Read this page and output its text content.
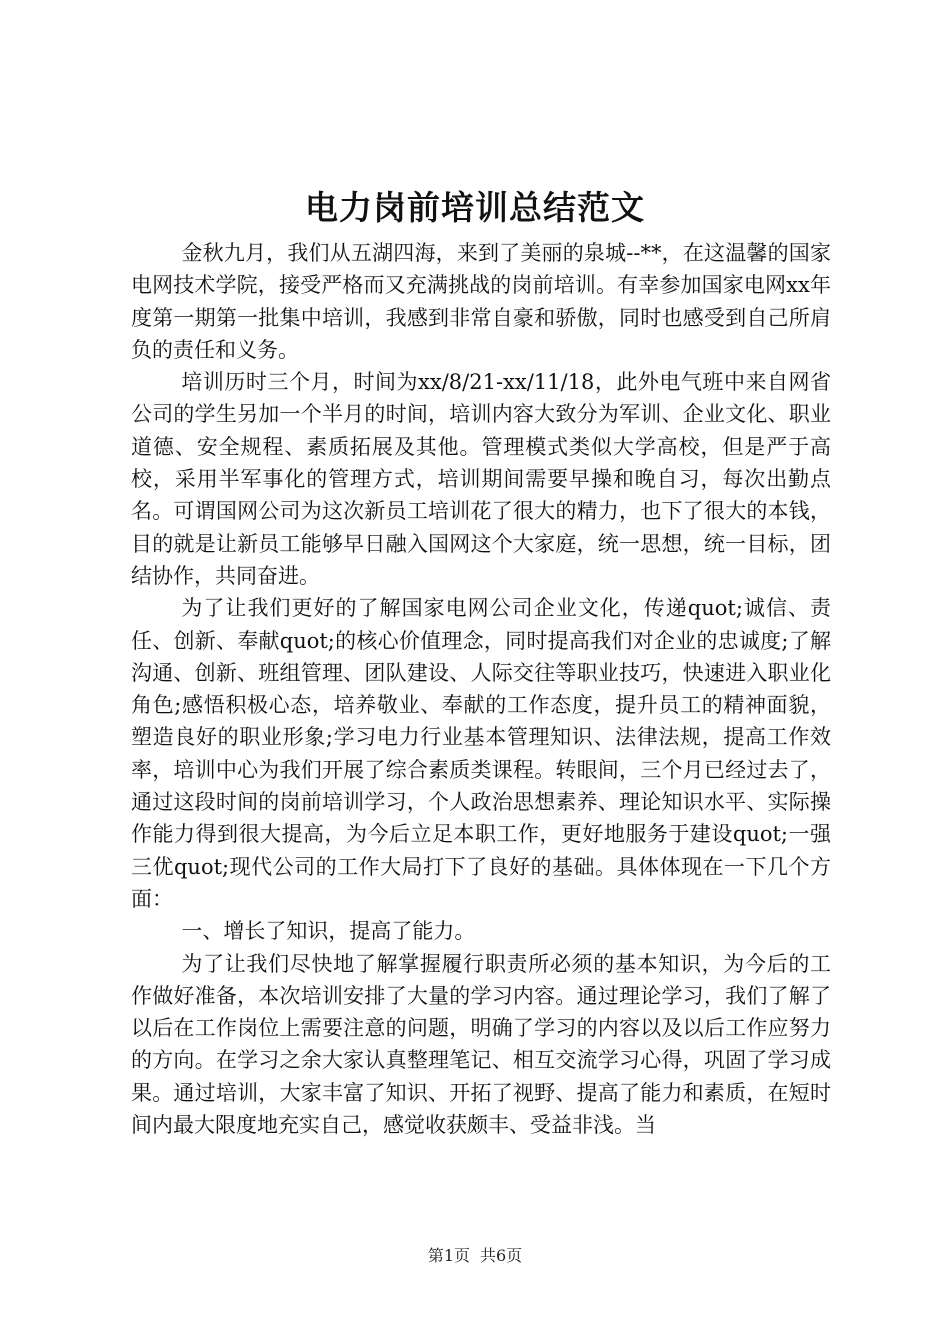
电力岗前培训总结范文

金秋九月，我们从五湖四海，来到了美丽的泉城--**，在这温馨的国家电网技术学院，接受严格而又充满挑战的岗前培训。有幸参加国家电网xx年度第一期第一批集中培训，我感到非常自豪和骄傲，同时也感受到自己所肩负的责任和义务。

培训历时三个月，时间为xx/8/21-xx/11/18，此外电气班中来自网省公司的学生另加一个半月的时间，培训内容大致分为军训、企业文化、职业道德、安全规程、素质拓展及其他。管理模式类似大学高校，但是严于高校，采用半军事化的管理方式，培训期间需要早操和晚自习，每次出勤点名。可谓国网公司为这次新员工培训花了很大的精力，也下了很大的本钱，目的就是让新员工能够早日融入国网这个大家庭，统一思想，统一目标，团结协作，共同奋进。

为了让我们更好的了解国家电网公司企业文化，传递quot;诚信、责任、创新、奉献quot;的核心价值理念，同时提高我们对企业的忠诚度;了解沟通、创新、班组管理、团队建设、人际交往等职业技巧，快速进入职业化角色;感悟积极心态，培养敬业、奉献的工作态度，提升员工的精神面貌，塑造良好的职业形象;学习电力行业基本管理知识、法律法规，提高工作效率，培训中心为我们开展了综合素质类课程。转眼间，三个月已经过去了，通过这段时间的岗前培训学习，个人政治思想素养、理论知识水平、实际操作能力得到很大提高，为今后立足本职工作，更好地服务于建设quot;一强三优quot;现代公司的工作大局打下了良好的基础。具体体现在一下几个方面：

一、增长了知识，提高了能力。

为了让我们尽快地了解掌握履行职责所必须的基本知识，为今后的工作做好准备，本次培训安排了大量的学习内容。通过理论学习，我们了解了以后在工作岗位上需要注意的问题，明确了学习的内容以及以后工作应努力的方向。在学习之余大家认真整理笔记、相互交流学习心得，巩固了学习成果。通过培训，大家丰富了知识、开拓了视野、提高了能力和素质，在短时间内最大限度地充实自己，感觉收获颇丰、受益非浅。当

第1页 共6页
